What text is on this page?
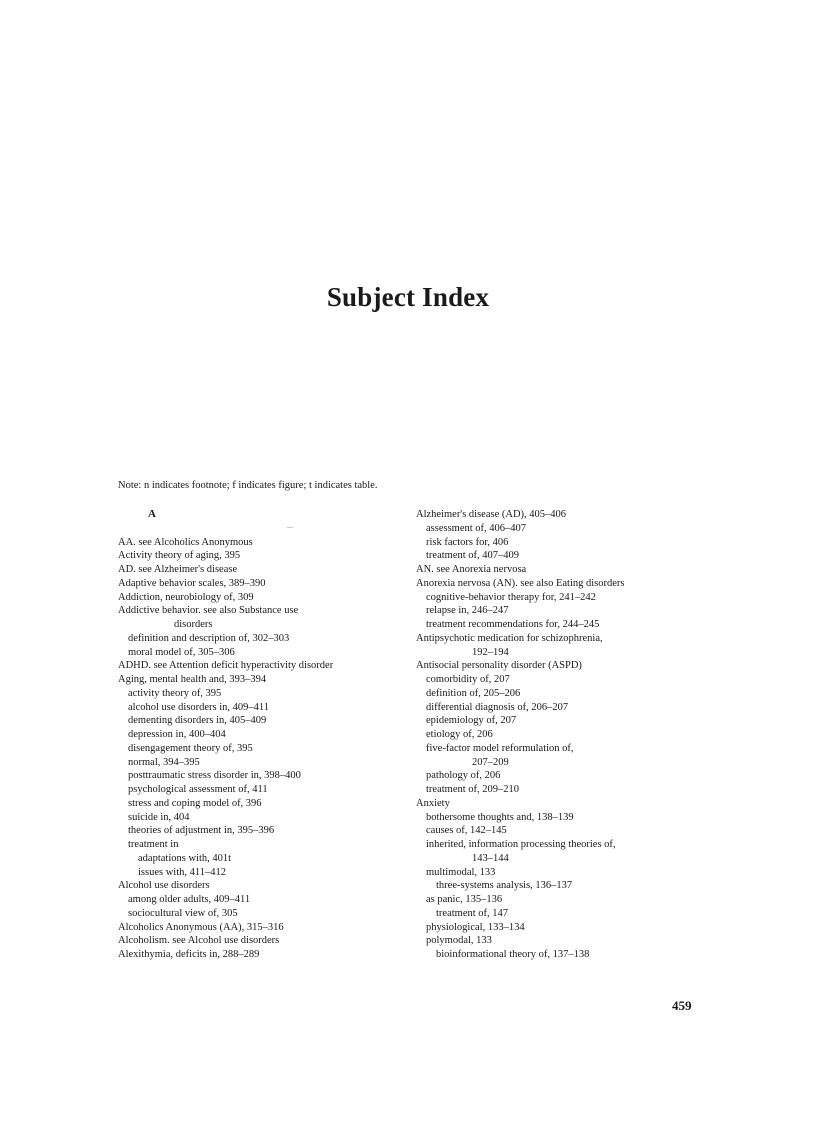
Subject Index
Note: n indicates footnote; f indicates figure; t indicates table.
A
AA. see Alcoholics Anonymous
Activity theory of aging, 395
AD. see Alzheimer's disease
Adaptive behavior scales, 389–390
Addiction, neurobiology of, 309
Addictive behavior. see also Substance use
disorders
definition and description of, 302–303
moral model of, 305–306
ADHD. see Attention deficit hyperactivity disorder
Aging, mental health and, 393–394
activity theory of, 395
alcohol use disorders in, 409–411
dementing disorders in, 405–409
depression in, 400–404
disengagement theory of, 395
normal, 394–395
posttraumatic stress disorder in, 398–400
psychological assessment of, 411
stress and coping model of, 396
suicide in, 404
theories of adjustment in, 395–396
treatment in
adaptations with, 401t
issues with, 411–412
Alcohol use disorders
among older adults, 409–411
sociocultural view of, 305
Alcoholics Anonymous (AA), 315–316
Alcoholism. see Alcohol use disorders
Alexithymia, deficits in, 288–289
Alzheimer's disease (AD), 405–406
assessment of, 406–407
risk factors for, 406
treatment of, 407–409
AN. see Anorexia nervosa
Anorexia nervosa (AN). see also Eating disorders
cognitive-behavior therapy for, 241–242
relapse in, 246–247
treatment recommendations for, 244–245
Antipsychotic medication for schizophrenia,
192–194
Antisocial personality disorder (ASPD)
comorbidity of, 207
definition of, 205–206
differential diagnosis of, 206–207
epidemiology of, 207
etiology of, 206
five-factor model reformulation of,
207–209
pathology of, 206
treatment of, 209–210
Anxiety
bothersome thoughts and, 138–139
causes of, 142–145
inherited, information processing theories of,
143–144
multimodal, 133
three-systems analysis, 136–137
as panic, 135–136
treatment of, 147
physiological, 133–134
polymodal, 133
bioinformational theory of, 137–138
459
